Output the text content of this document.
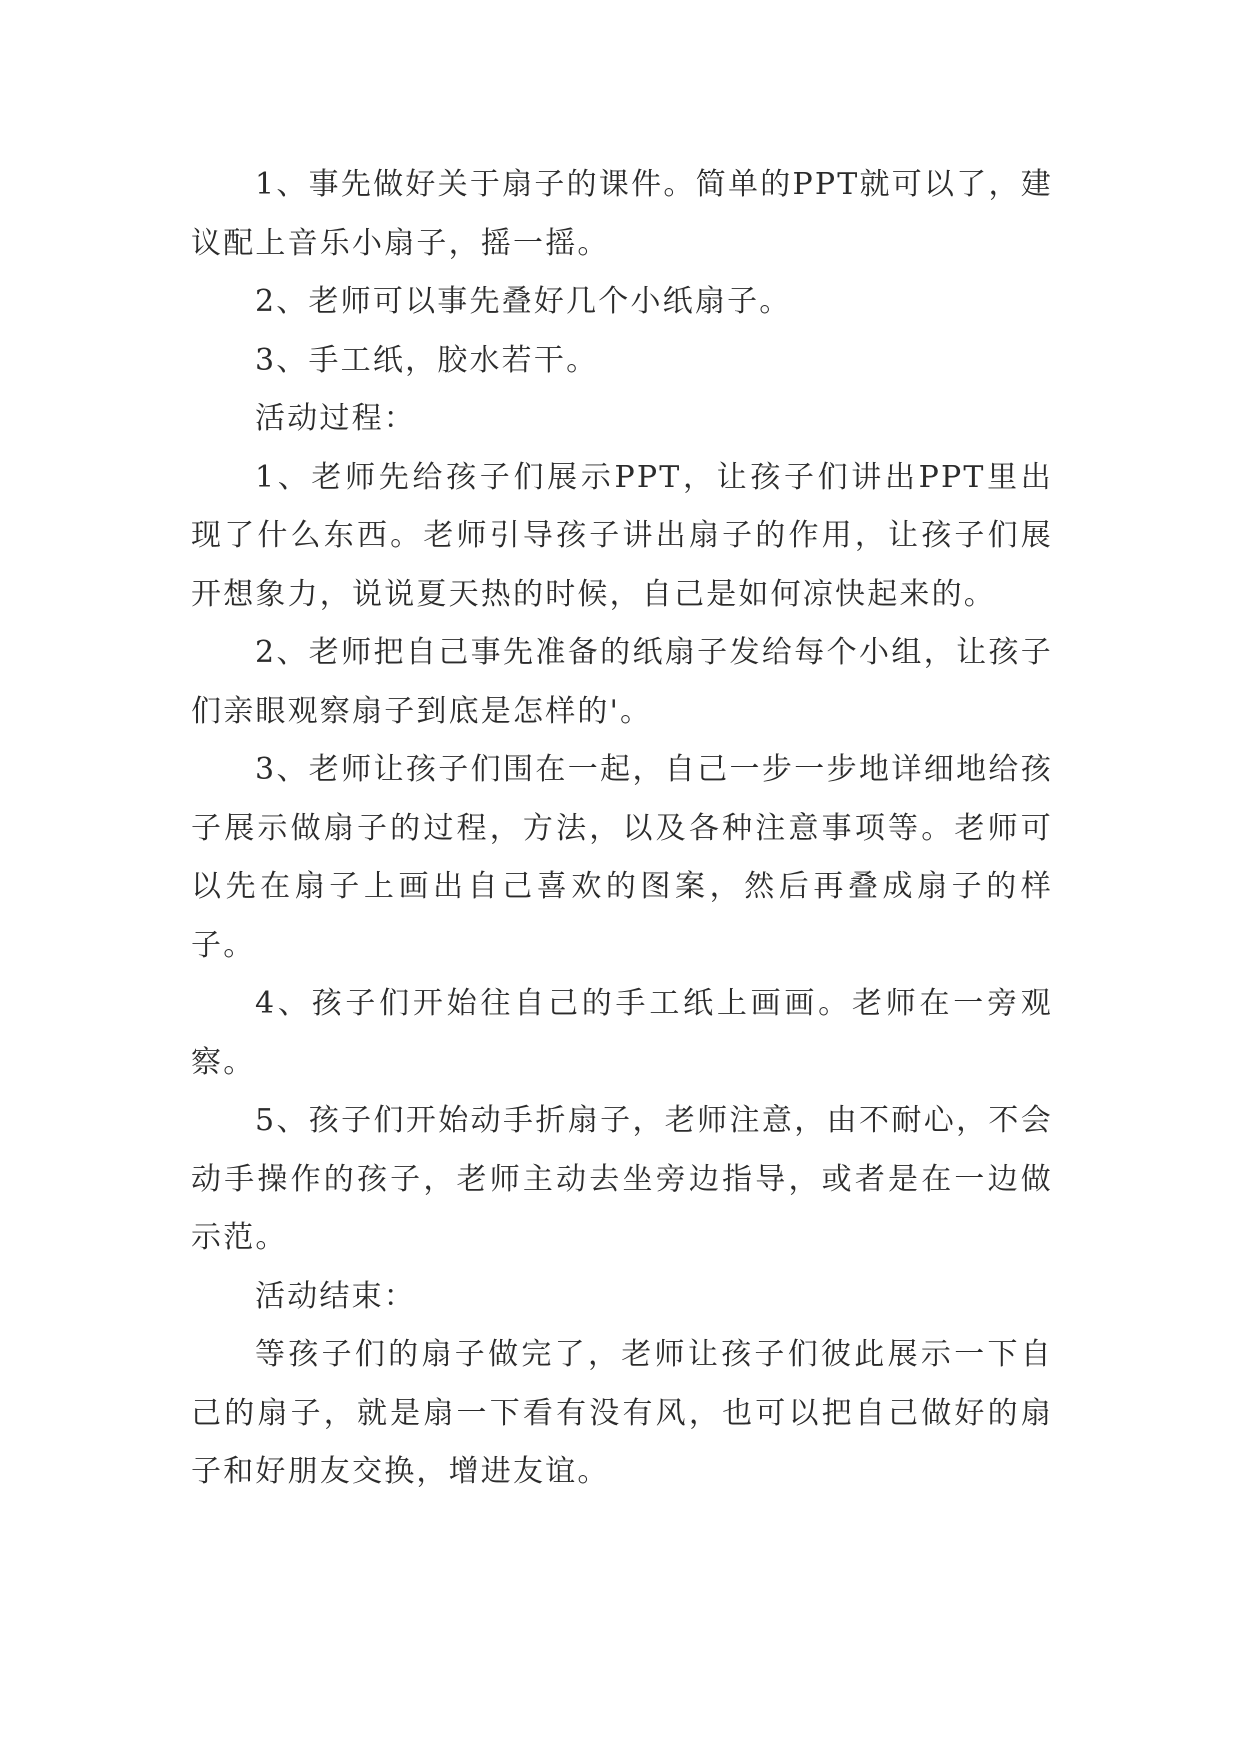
1、事先做好关于扇子的课件。简单的PPT就可以了，建议配上音乐小扇子，摇一摇。

2、老师可以事先叠好几个小纸扇子。

3、手工纸，胶水若干。

活动过程：

1、老师先给孩子们展示PPT，让孩子们讲出PPT里出现了什么东西。老师引导孩子讲出扇子的作用，让孩子们展开想象力，说说夏天热的时候，自己是如何凉快起来的。

2、老师把自己事先准备的纸扇子发给每个小组，让孩子们亲眼观察扇子到底是怎样的'。

3、老师让孩子们围在一起，自己一步一步地详细地给孩子展示做扇子的过程，方法，以及各种注意事项等。老师可以先在扇子上画出自己喜欢的图案，然后再叠成扇子的样子。

4、孩子们开始往自己的手工纸上画画。老师在一旁观察。

5、孩子们开始动手折扇子，老师注意，由不耐心，不会动手操作的孩子，老师主动去坐旁边指导，或者是在一边做示范。

活动结束：

等孩子们的扇子做完了，老师让孩子们彼此展示一下自己的扇子，就是扇一下看有没有风，也可以把自己做好的扇子和好朋友交换，增进友谊。
